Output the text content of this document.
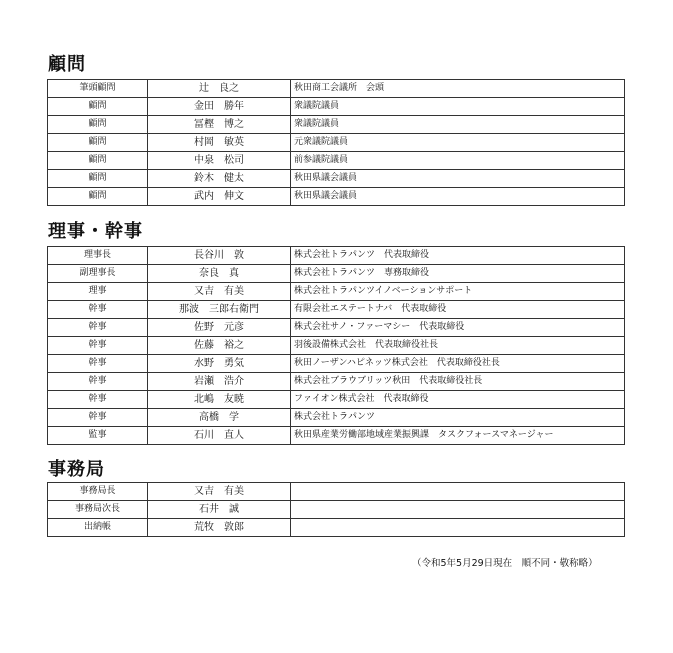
顧問
筆頭顧問	辻　良之	秋田商工会議所　会頭
顧問	金田　勝年	衆議院議員
顧問	冨樫　博之	衆議院議員
顧問	村岡　敏英	元衆議院議員
顧問	中泉　松司	前参議院議員
顧問	鈴木　健太	秋田県議会議員
顧問	武内　伸文	秋田県議会議員
理事・幹事
理事長	長谷川　敦	株式会社トラパンツ　代表取締役
副理事長	奈良　真	株式会社トラパンツ　専務取締役
理事	又吉　有美	株式会社トラパンツイノベーションサポート
幹事	那波　三郎右衛門	有限会社エステートナバ　代表取締役
幹事	佐野　元彦	株式会社サノ・ファーマシー　代表取締役
幹事	佐藤　裕之	羽後設備株式会社　代表取締役社長
幹事	水野　勇気	秋田ノーザンハピネッツ株式会社　代表取締役社長
幹事	岩瀬　浩介	株式会社ブラウブリッツ秋田　代表取締役社長
幹事	北嶋　友暁	ファイオン株式会社　代表取締役
幹事	高橋　学	株式会社トラパンツ
監事	石川　直人	秋田県産業労働部地域産業振興課　タスクフォースマネージャー
事務局
事務局長	又吉　有美	
事務局次長	石井　誠	
出納帳	荒牧　敦郎	
（令和5年5月29日現在　順不同・敬称略）
